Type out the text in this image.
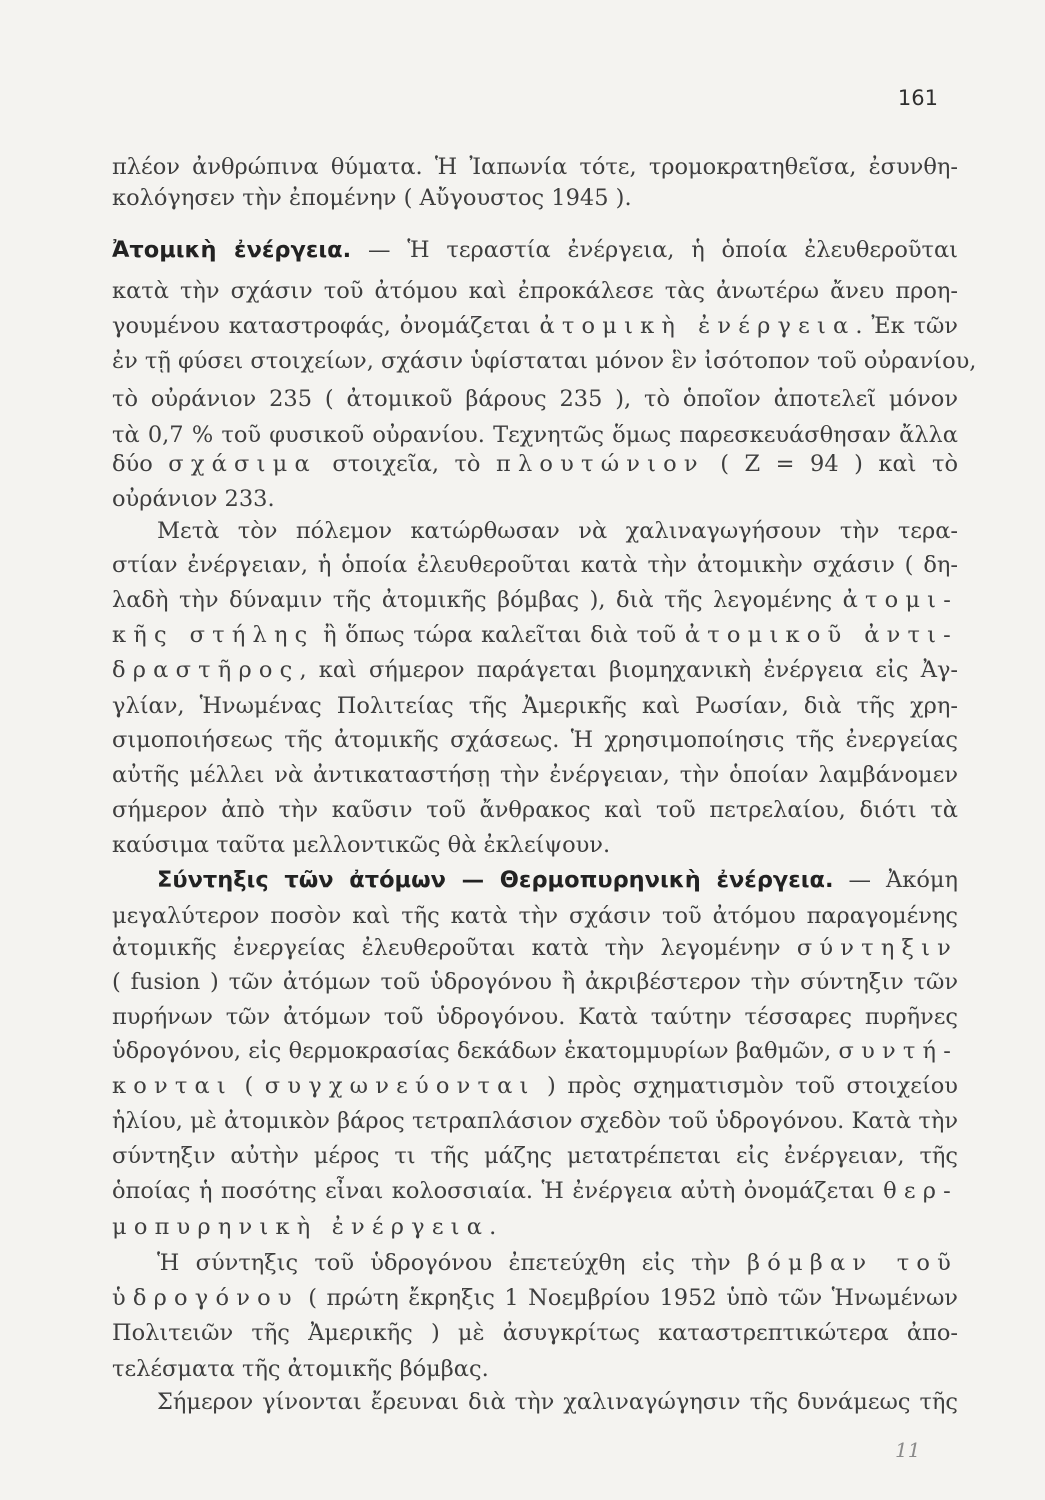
161
πλέον ἀνθρώπινα θύματα. Ἡ Ἰαπωνία τότε, τρομοκρατηθεῖσα, ἐσυνθη-
κολόγησεν τὴν ἐπομένην ( Αὔγουστος 1945 ).
Ἀτομικὴ ἐνέργεια. — Ἡ τεραστία ἐνέργεια, ἡ ὁποία ἐλευθεροῦται
κατὰ τὴν σχάσιν τοῦ ἀτόμου καὶ ἐπροκάλεσε τὰς ἀνωτέρω ἄνευ προη-
γουμένου καταστροφάς, ὀνομάζεται ἀτομικὴ ἐνέργεια. Ἐκ τῶν
ἐν τῇ φύσει στοιχείων, σχάσιν ὑφίσταται μόνον ἓν ἰσότοπον τοῦ οὐρανίου,
τὸ οὐράνιον 235 ( ἀτομικοῦ βάρους 235 ), τὸ ὁποῖον ἀποτελεῖ μόνον
τὰ 0,7 % τοῦ φυσικοῦ οὐρανίου. Τεχνητῶς ὅμως παρεσκευάσθησαν ἄλλα
δύο σχάσιμα στοιχεῖα, τὸ πλουτώνιον ( Ζ = 94 ) καὶ τὸ
οὐράνιον 233.
Μετὰ τὸν πόλεμον κατώρθωσαν νὰ χαλιναγωγήσουν τὴν τερα-
στίαν ἐνέργειαν, ἡ ὁποία ἐλευθεροῦται κατὰ τὴν ἀτομικὴν σχάσιν ( δη-
λαδὴ τὴν δύναμιν τῆς ἀτομικῆς βόμβας ), διὰ τῆς λεγομένης ἀτομι-
κῆς στήλης ἢ ὅπως τώρα καλεῖται διὰ τοῦ ἀτομικοῦ ἀντι-
δραστῆρος, καὶ σήμερον παράγεται βιομηχανικὴ ἐνέργεια εἰς Ἀγ-
γλίαν, Ἡνωμένας Πολιτείας τῆς Ἀμερικῆς καὶ Ρωσίαν, διὰ τῆς χρη-
σιμοποιήσεως τῆς ἀτομικῆς σχάσεως. Ἡ χρησιμοποίησις τῆς ἐνεργείας
αὐτῆς μέλλει νὰ ἀντικαταστήσῃ τὴν ἐνέργειαν, τὴν ὁποίαν λαμβάνομεν
σήμερον ἀπὸ τὴν καῦσιν τοῦ ἄνθρακος καὶ τοῦ πετρελαίου, διότι τὰ
καύσιμα ταῦτα μελλοντικῶς θὰ ἐκλείψουν.
Σύντηξις τῶν ἀτόμων — Θερμοπυρηνικὴ ἐνέργεια. — Ἀκόμη
μεγαλύτερον ποσὸν καὶ τῆς κατὰ τὴν σχάσιν τοῦ ἀτόμου παραγομένης
ἀτομικῆς ἐνεργείας ἐλευθεροῦται κατὰ τὴν λεγομένην σύντηξιν
( fusion ) τῶν ἀτόμων τοῦ ὑδρογόνου ἢ ἀκριβέστερον τὴν σύντηξιν τῶν
πυρήνων τῶν ἀτόμων τοῦ ὑδρογόνου. Κατὰ ταύτην τέσσαρες πυρῆνες
ὑδρογόνου, εἰς θερμοκρασίας δεκάδων ἑκατομμυρίων βαθμῶν, συντή-
κονται ( συγχωνεύονται ) πρὸς σχηματισμὸν τοῦ στοιχείου
ἡλίου, μὲ ἀτομικὸν βάρος τετραπλάσιον σχεδὸν τοῦ ὑδρογόνου. Κατὰ τὴν
σύντηξιν αὐτὴν μέρος τι τῆς μάζης μετατρέπεται εἰς ἐνέργειαν, τῆς
ὁποίας ἡ ποσότης εἶναι κολοσσιαία. Ἡ ἐνέργεια αὐτὴ ὀνομάζεται θερ-
μοπυρηνικὴ ἐνέργεια.
Ἡ σύντηξις τοῦ ὑδρογόνου ἐπετεύχθη εἰς τὴν βόμβαν τοῦ
ὑδρογόνου ( πρώτη ἔκρηξις 1 Νοεμβρίου 1952 ὑπὸ τῶν Ἡνωμένων
Πολιτειῶν τῆς Ἀμερικῆς ) μὲ ἀσυγκρίτως καταστρεπτικώτερα ἀπο-
τελέσματα τῆς ἀτομικῆς βόμβας.
Σήμερον γίνονται ἔρευναι διὰ τὴν χαλιναγώγησιν τῆς δυνάμεως τῆς
11
